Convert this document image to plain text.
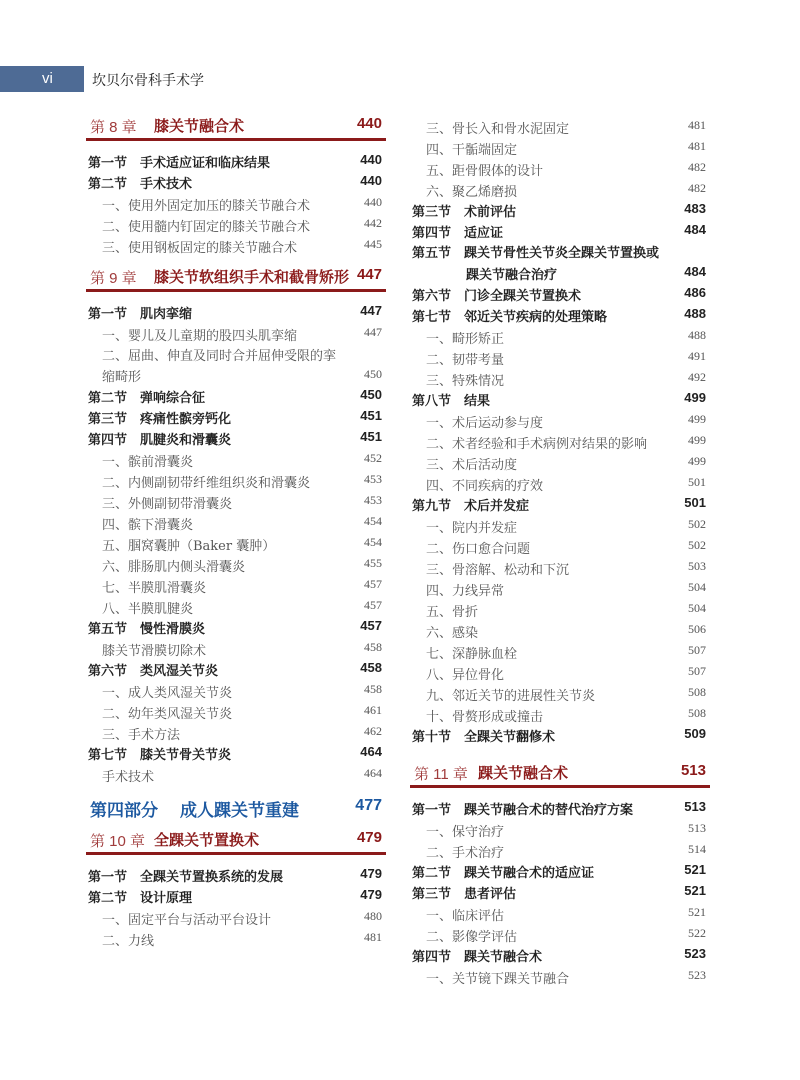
vi	坎贝尔骨科手术学
第 8 章 膝关节融合术	440
第一节　手术适应证和临床结果	440
第二节　手术技术	440
一、使用外固定加压的膝关节融合术	440
二、使用髓内钉固定的膝关节融合术	442
三、使用钢板固定的膝关节融合术	445
第 9 章 膝关节软组织手术和截骨矫形 447
第一节　肌肉挛缩	447
一、婴儿及儿童期的股四头肌挛缩	447
二、屈曲、伸直及同时合并屈伸受限的挛缩畸形	450
第二节　弹响综合征	450
第三节　疼痛性髌旁钙化	451
第四节　肌腱炎和滑囊炎	451
一、髌前滑囊炎	452
二、内侧副韧带纤维组织炎和滑囊炎	453
三、外侧副韧带滑囊炎	453
四、髌下滑囊炎	454
五、腘窝囊肿（Baker 囊肿）	454
六、腓肠肌内侧头滑囊炎	455
七、半膜肌滑囊炎	457
八、半膜肌腱炎	457
第五节　慢性滑膜炎	457
膝关节滑膜切除术	458
第六节　类风湿关节炎	458
一、成人类风湿关节炎	458
二、幼年类风湿关节炎	461
三、手术方法	462
第七节　膝关节骨关节炎	464
手术技术	464
第四部分 成人踝关节重建	477
第 10 章 全踝关节置换术	479
第一节　全踝关节置换系统的发展	479
第二节　设计原理	479
一、固定平台与活动平台设计	480
二、力线	481
三、骨长入和骨水泥固定	481
四、干骺端固定	481
五、距骨假体的设计	482
六、聚乙烯磨损	482
第三节　术前评估	483
第四节　适应证	484
第五节　踝关节骨性关节炎全踝关节置换或
踝关节融合治疗	484
第六节　门诊全踝关节置换术	486
第七节　邻近关节疾病的处理策略	488
一、畸形矫正	488
二、韧带考量	491
三、特殊情况	492
第八节　结果	499
一、术后运动参与度	499
二、术者经验和手术病例对结果的影响	499
三、术后活动度	499
四、不同疾病的疗效	501
第九节　术后并发症	501
一、院内并发症	502
二、伤口愈合问题	502
三、骨溶解、松动和下沉	503
四、力线异常	504
五、骨折	504
六、感染	506
七、深静脉血栓	507
八、异位骨化	507
九、邻近关节的进展性关节炎	508
十、骨赘形成或撞击	508
第十节　全踝关节翻修术	509
第 11 章 踝关节融合术	513
第一节　踝关节融合术的替代治疗方案	513
一、保守治疗	513
二、手术治疗	514
第二节　踝关节融合术的适应证	521
第三节　患者评估	521
一、临床评估	521
二、影像学评估	522
第四节　踝关节融合术	523
一、关节镜下踝关节融合	523
